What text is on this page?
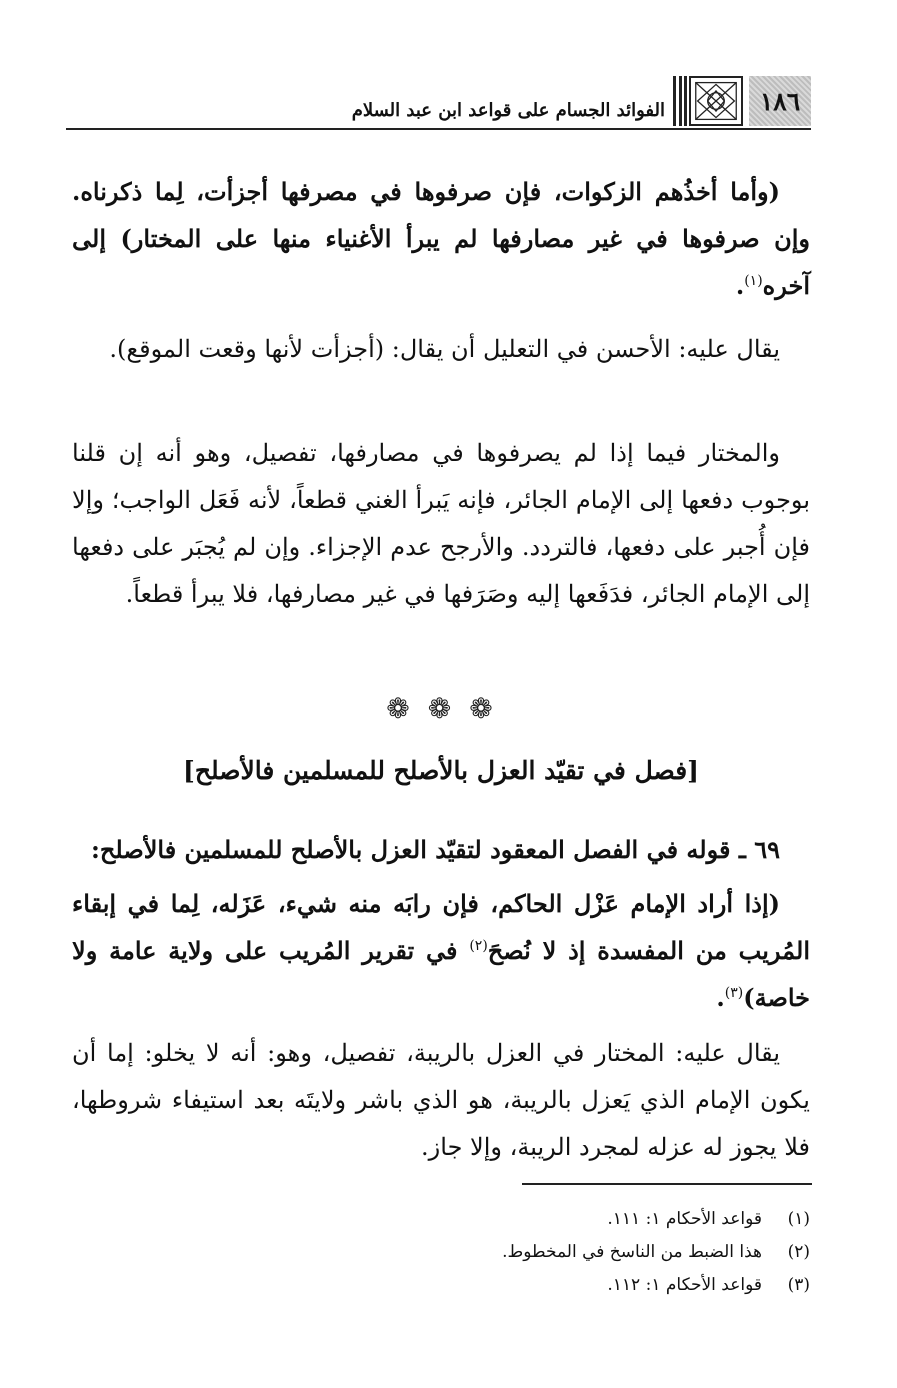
١٨٦
الفوائد الجسام على قواعد ابن عبد السلام
(وأما أخذُهم الزكوات، فإن صرفوها في مصرفها أجزأت، لِما ذكرناه. وإن صرفوها في غير مصارفها لم يبرأ الأغنياء منها على المختار) إلى آخره$^{(١)}$.
يقال عليه: الأحسن في التعليل أن يقال: (أجزأت لأنها وقعت الموقع).
والمختار فيما إذا لم يصرفوها في مصارفها، تفصيل، وهو أنه إن قلنا بوجوب دفعها إلى الإمام الجائر، فإنه يَبرأ الغني قطعاً، لأنه فَعَل الواجب؛ وإلا فإن أُجبر على دفعها، فالتردد. والأرجح عدم الإجزاء. وإن لم يُجبَر على دفعها إلى الإمام الجائر، فدَفَعها إليه وصَرَفها في غير مصارفها، فلا يبرأ قطعاً.
❁❁❁
[فصل في تقيّد العزل بالأصلح للمسلمين فالأصلح]
٦٩ ـ قوله في الفصل المعقود لتقيّد العزل بالأصلح للمسلمين فالأصلح:
(إذا أراد الإمام عَزْل الحاكم، فإن رابَه منه شيء، عَزَله، لِما في إبقاء المُريب من المفسدة إذ لا نُصحَ$^{(٢)}$ في تقرير المُريب على ولاية عامة ولا خاصة)$^{(٣)}$.
يقال عليه: المختار في العزل بالريبة، تفصيل، وهو: أنه لا يخلو: إما أن يكون الإمام الذي يَعزل بالريبة، هو الذي باشر ولايتَه بعد استيفاء شروطها، فلا يجوز له عزله لمجرد الريبة، وإلا جاز.
(١)
قواعد الأحكام ١: ١١١.
(٢)
هذا الضبط من الناسخ في المخطوط.
(٣)
قواعد الأحكام ١: ١١٢.
